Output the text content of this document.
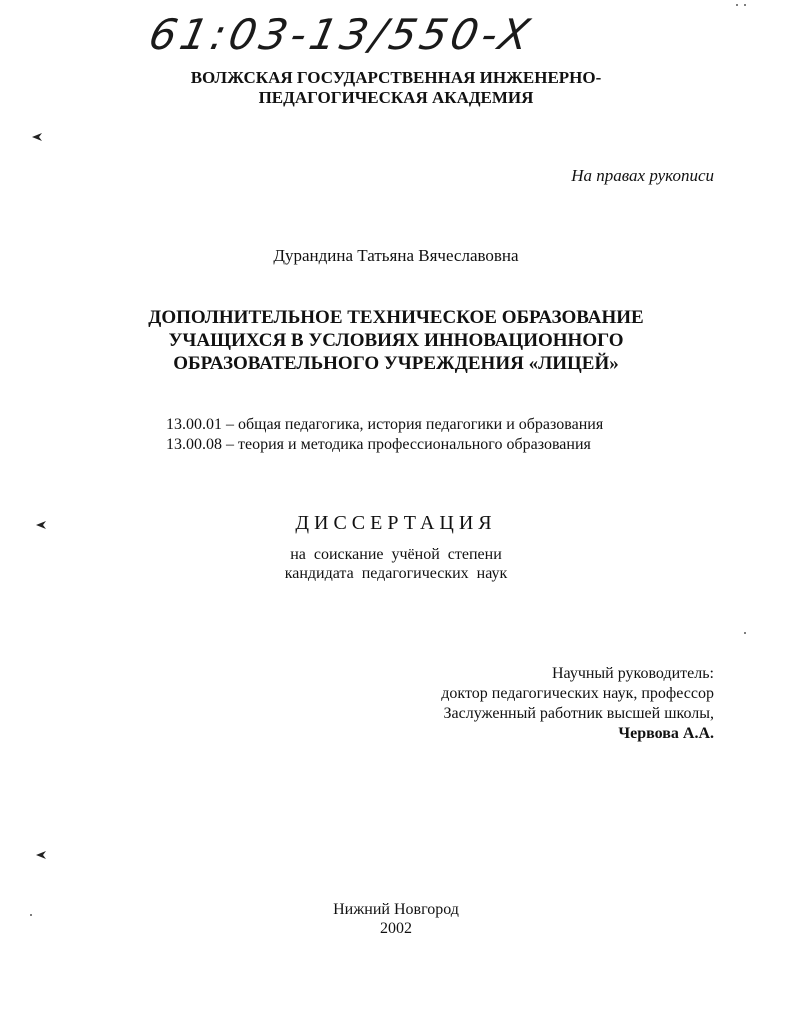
61:03-13/550-X
ВОЛЖСКАЯ ГОСУДАРСТВЕННАЯ ИНЖЕНЕРНО-
ПЕДАГОГИЧЕСКАЯ АКАДЕМИЯ
На правах рукописи
Дурандина Татьяна Вячеславовна
ДОПОЛНИТЕЛЬНОЕ ТЕХНИЧЕСКОЕ ОБРАЗОВАНИЕ
УЧАЩИХСЯ В УСЛОВИЯХ ИННОВАЦИОННОГО
ОБРАЗОВАТЕЛЬНОГО УЧРЕЖДЕНИЯ «ЛИЦЕЙ»
13.00.01 – общая педагогика, история педагогики и образования
13.00.08 – теория и методика профессионального образования
ДИССЕРТАЦИЯ
на соискание учёной степени
кандидата педагогических наук
Научный руководитель:
доктор педагогических наук, профессор
Заслуженный работник высшей школы,
Червова А.А.
Нижний Новгород
2002
